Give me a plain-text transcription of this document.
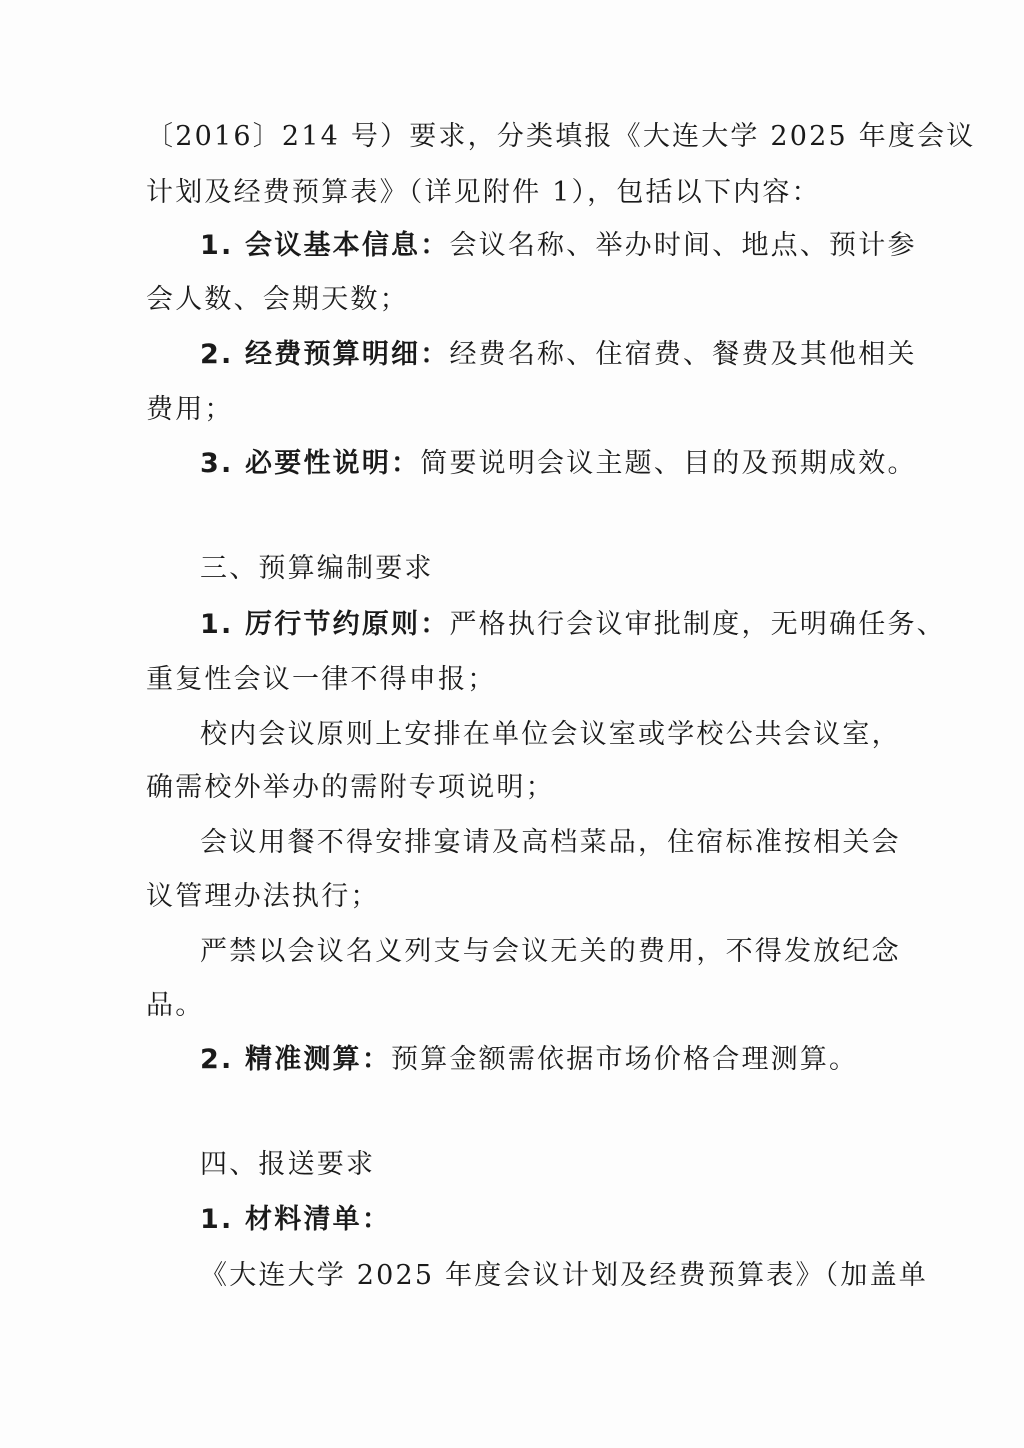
〔2016〕214 号）要求，分类填报《大连大学 2025 年度会议
计划及经费预算表》（详见附件 1），包括以下内容：
1. 会议基本信息：会议名称、举办时间、地点、预计参
会人数、会期天数；
2. 经费预算明细：经费名称、住宿费、餐费及其他相关
费用；
3. 必要性说明：简要说明会议主题、目的及预期成效。
三、预算编制要求
1. 厉行节约原则：严格执行会议审批制度，无明确任务、
重复性会议一律不得申报；
校内会议原则上安排在单位会议室或学校公共会议室，
确需校外举办的需附专项说明；
会议用餐不得安排宴请及高档菜品，住宿标准按相关会
议管理办法执行；
严禁以会议名义列支与会议无关的费用，不得发放纪念
品。
2. 精准测算：预算金额需依据市场价格合理测算。
四、报送要求
1. 材料清单：
《大连大学 2025 年度会议计划及经费预算表》（加盖单
